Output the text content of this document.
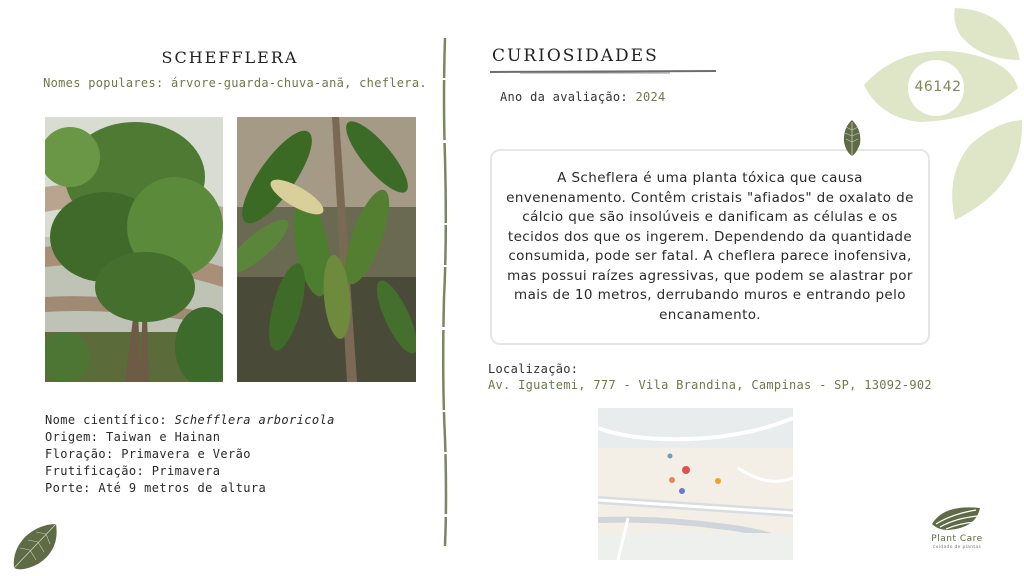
SCHEFFLERA
Nomes populares: árvore-guarda-chuva-anã, cheflera.
Nome científico: Schefflera arboricola
Origem: Taiwan e Hainan
Floração: Primavera e Verão
Frutificação: Primavera
Porte: Até 9 metros de altura
CURIOSIDADES
Ano da avaliação: 2024
A Scheflera é uma planta tóxica que causa envenenamento. Contêm cristais "afiados" de oxalato de cálcio que são insolúveis e danificam as células e os tecidos dos que os ingerem. Dependendo da quantidade consumida, pode ser fatal. A cheflera parece inofensiva, mas possui raízes agressivas, que podem se alastrar por mais de 10 metros, derrubando muros e entrando pelo encanamento.
Localização:
Av. Iguatemi, 777 - Vila Brandina, Campinas - SP, 13092-902
46142
Plant Care
cuidado de plantas
